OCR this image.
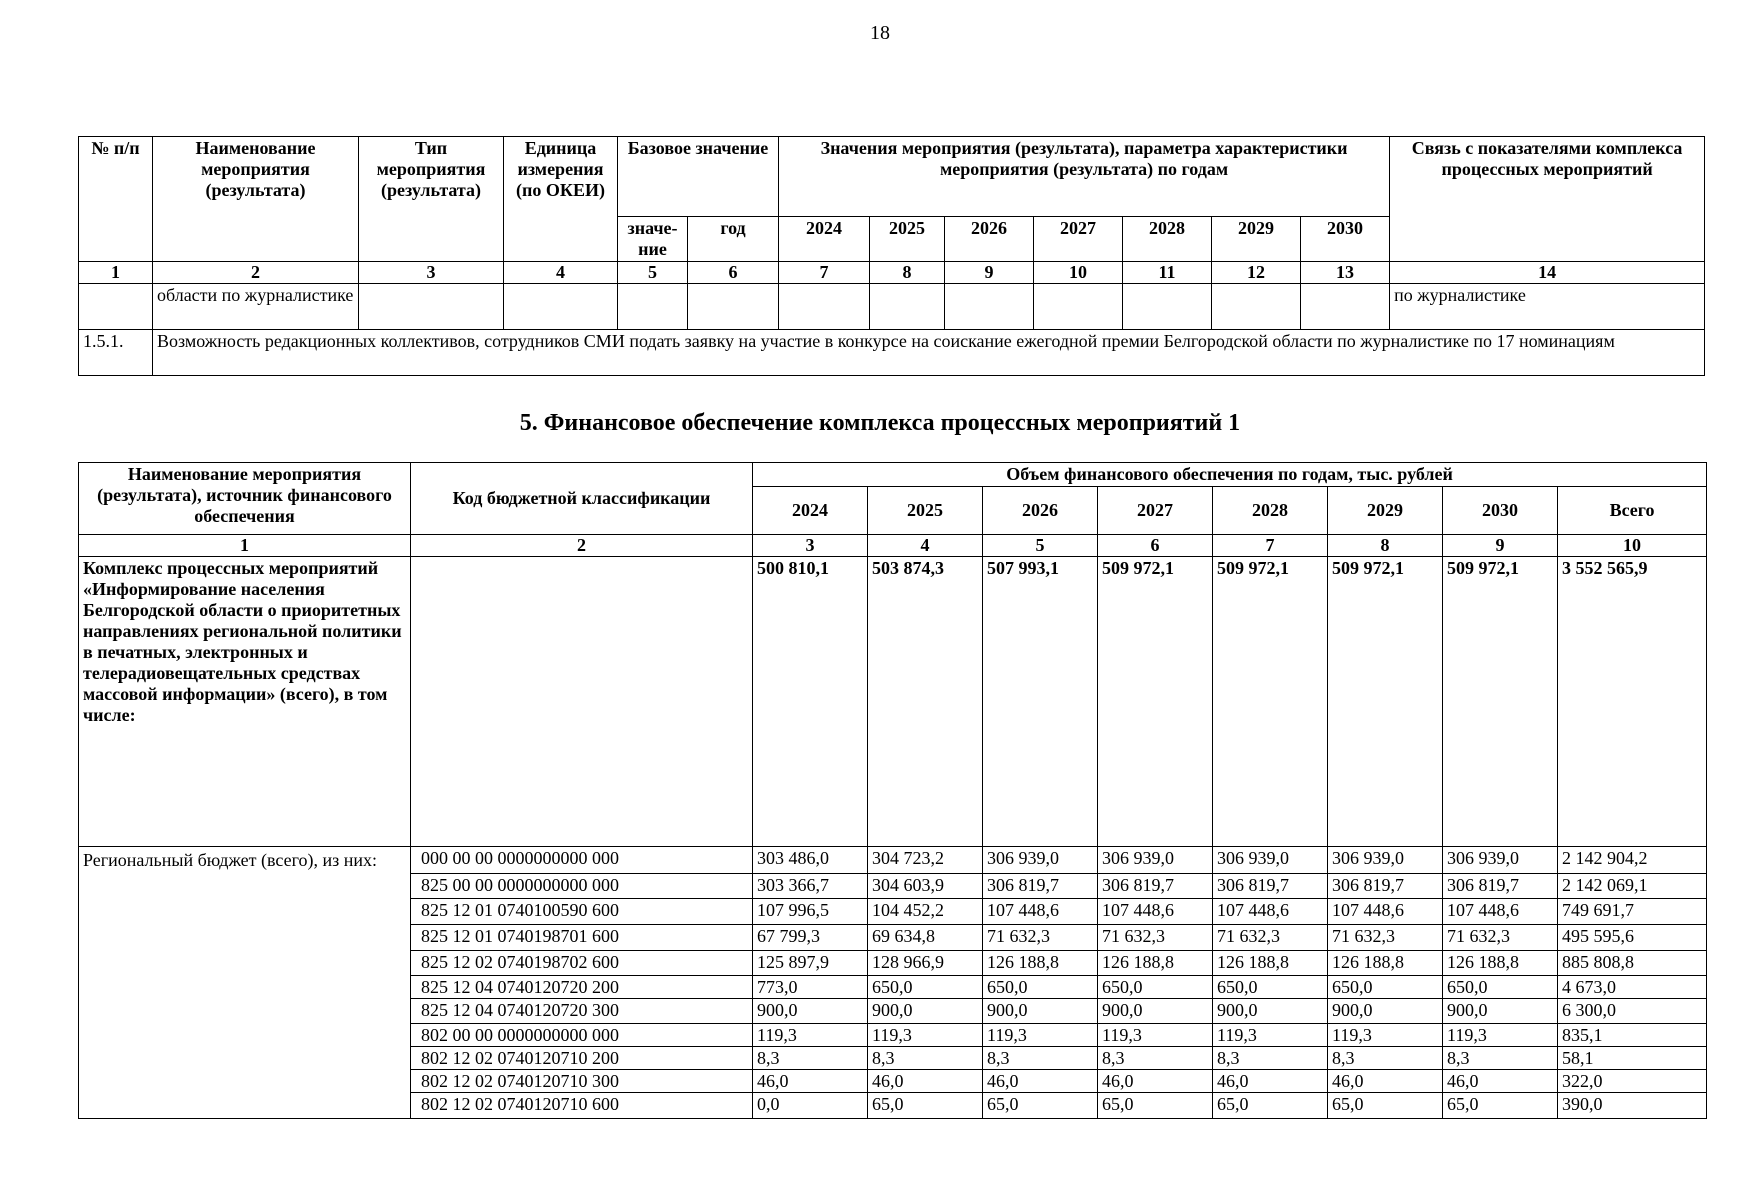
18
№ п/п	Наименование мероприятия (результата)	Тип мероприятия (результата)	Единица измерения (по ОКЕИ)	Базовое значение		Значения мероприятия (результата), параметра характеристики мероприятия (результата) по годам							Связь с показателями комплекса процессных мероприятий
				значе-ние	год	2024	2025	2026	2027	2028	2029	2030	
1	2	3	4	5	6	7	8	9	10	11	12	13	14
	области по журналистике												по журналистике
1.5.1.	Возможность редакционных коллективов, сотрудников СМИ подать заявку на участие в конкурсе на соискание ежегодной премии Белгородской области по журналистике по 17 номинациям												
5. Финансовое обеспечение комплекса процессных мероприятий 1
Наименование мероприятия (результата), источник финансового обеспечения	Код бюджетной классификации	Объем финансового обеспечения по годам, тыс. рублей							
		2024	2025	2026	2027	2028	2029	2030	Всего
1	2	3	4	5	6	7	8	9	10
Комплекс процессных мероприятий «Информирование населения Белгородской области о приоритетных направлениях региональной политики в печатных, электронных и телерадиовещательных средствах массовой информации» (всего), в том числе:		500 810,1	503 874,3	507 993,1	509 972,1	509 972,1	509 972,1	509 972,1	3 552 565,9
Региональный бюджет (всего), из них:	000 00 00 0000000000 000	303 486,0	304 723,2	306 939,0	306 939,0	306 939,0	306 939,0	306 939,0	2 142 904,2
	825 00 00 0000000000 000	303 366,7	304 603,9	306 819,7	306 819,7	306 819,7	306 819,7	306 819,7	2 142 069,1
	825 12 01 0740100590 600	107 996,5	104 452,2	107 448,6	107 448,6	107 448,6	107 448,6	107 448,6	749 691,7
	825 12 01 0740198701 600	67 799,3	69 634,8	71 632,3	71 632,3	71 632,3	71 632,3	71 632,3	495 595,6
	825 12 02 0740198702 600	125 897,9	128 966,9	126 188,8	126 188,8	126 188,8	126 188,8	126 188,8	885 808,8
	825 12 04 0740120720 200	773,0	650,0	650,0	650,0	650,0	650,0	650,0	4 673,0
	825 12 04 0740120720 300	900,0	900,0	900,0	900,0	900,0	900,0	900,0	6 300,0
	802 00 00 0000000000 000	119,3	119,3	119,3	119,3	119,3	119,3	119,3	835,1
	802 12 02 0740120710 200	8,3	8,3	8,3	8,3	8,3	8,3	8,3	58,1
	802 12 02 0740120710 300	46,0	46,0	46,0	46,0	46,0	46,0	46,0	322,0
	802 12 02 0740120710 600	0,0	65,0	65,0	65,0	65,0	65,0	65,0	390,0
